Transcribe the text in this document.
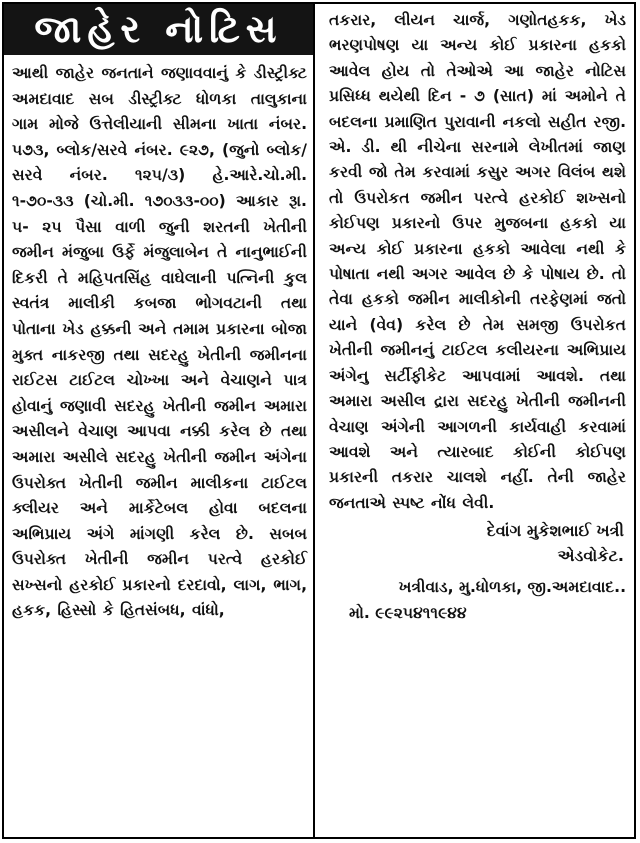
જાહેર નોટિસ
આથી જાહેર જનતાને જણાવવાનું કે ડીસ્ટ્રીક્ટ અમદાવાદ સબ ડીસ્ટ્રીક્ટ ધોળકા તાલુકાના ગામ મોજે ઉત્તેલીયાની સીમના ખાતા નંબર. ૫૭૩, બ્લોક/સરવે નંબર. ૯૨૭, (જુનો બ્લોક/સરવે નંબર. ૧૨૫/૩) હે.આરે.ચો.મી. ૧-૭૦-૩૩ (ચો.મી. ૧૭૦૩૩-૦૦) આકાર રૂા. ૫- ૨૫ પૈસા વાળી જુની શરતની ખેતીની જમીન મંજુબા ઉર્ફે મંજુલાબેન તે નાનુભાઈની દિકરી તે મહિપતસિંહ વાઘેલાની પત્નિની કુલ સ્વતંત્ર માલીકી કબજા ભોગવટાની તથા પોતાના ખેડ હક્કની અને તમામ પ્રકારના બોજા મુક્ત નાકરજી તથા સદરહુ ખેતીની જમીનના રાઈટસ ટાઈટલ ચોખ્ખા અને વેચાણને પાત્ર હોવાનું જણાવી સદરહુ ખેતીની જમીન અમારા અસીલને વેચાણ આપવા નક્કી કરેલ છે તથા અમારા અસીલે સદરહુ ખેતીની જમીન અંગેના ઉપરોક્ત ખેતીની જમીન માલીકના ટાઈટલ ક્લીયર અને માર્કેટેબલ હોવા બદલના અભિપ્રાય અંગે માંગણી કરેલ છે. સબબ ઉપરોક્ત ખેતીની જમીન પરત્વે હરકોઈ સખ્સનો હરકોઈ પ્રકારનો દરદાવો, લાગ, ભાગ, હકક, હિસ્સો કે હિતસંબધ, વાંધો,
તકરાર, લીયન ચાર્જ, ગણોતહકક, ખેડ ભરણપોષણ યા અન્ય કોઈ પ્રકારના હકકો આવેલ હોય તો તેઓએ આ જાહેર નોટિસ પ્રસિધ્ધ થયેથી દિન - ૭ (સાત) માં અમોને તે બદલના પ્રમાણિત પુરાવાની નકલો સહીત રજી. એ. ડી. થી નીચેના સરનામે લેખીતમાં જાણ કરવી જો તેમ કરવામાં કસુર અગર વિલંબ થશે તો ઉપરોકત જમીન પરત્વે હરકોઈ શખ્સનો કોઈપણ પ્રકારનો ઉપર મુજબના હકકો યા અન્ય કોઈ પ્રકારના હકકો આવેલા નથી કે પોષાતા નથી અગર આવેલ છે કે પોષાય છે. તો તેવા હકકો જમીન માલીકોની તરફેણમાં જતો યાને (વેવ) કરેલ છે તેમ સમજી ઉપરોકત ખેતીની જમીનનું ટાઈટલ કલીયરના અભિપ્રાય અંગેનુ સર્ટીફીકેટ આપવામાં આવશે. તથા અમારા અસીલ દ્રારા સદરહુ ખેતીની જમીનની વેચાણ અંગેની આગળની કાર્યવાહી કરવામાં આવશે અને ત્યારબાદ કોઈની કોઈપણ પ્રકારની તકરાર ચાલશે નહીં. તેની જાહેર જનતાએ સ્પષ્ટ નોંધ લેવી.
દેવાંગ મુકેશભાઈ ખત્રી
એડવોકેટ.
ખત્રીવાડ, મુ.ધોળકા, જી.અમદાવાદ..
મો. ૯૯૨૫૪૧૧૯૪૪
